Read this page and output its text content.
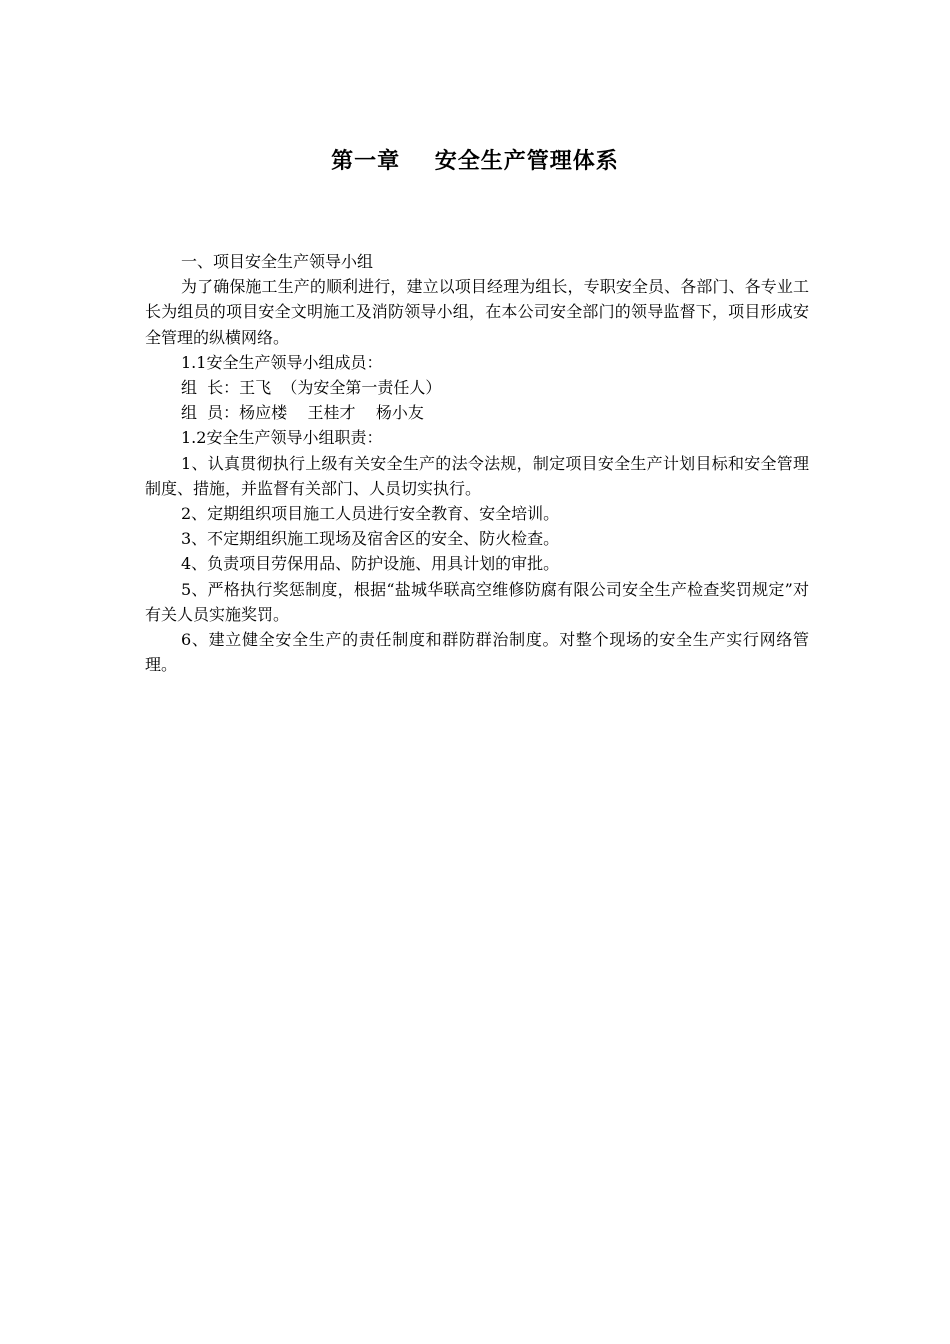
第一章    安全生产管理体系

一、项目安全生产领导小组

为了确保施工生产的顺利进行，建立以项目经理为组长，专职安全员、各部门、各专业工长为组员的项目安全文明施工及消防领导小组，在本公司安全部门的领导监督下，项目形成安全管理的纵横网络。

1.1安全生产领导小组成员：

组  长：王飞  （为安全第一责任人）

组  员：杨应楼    王桂才    杨小友

1.2安全生产领导小组职责：

1、认真贯彻执行上级有关安全生产的法令法规，制定项目安全生产计划目标和安全管理制度、措施，并监督有关部门、人员切实执行。

2、定期组织项目施工人员进行安全教育、安全培训。

3、不定期组织施工现场及宿舍区的安全、防火检查。

4、负责项目劳保用品、防护设施、用具计划的审批。

5、严格执行奖惩制度，根据“盐城华联高空维修防腐有限公司安全生产检查奖罚规定”对有关人员实施奖罚。

6、建立健全安全生产的责任制度和群防群治制度。对整个现场的安全生产实行网络管理。
